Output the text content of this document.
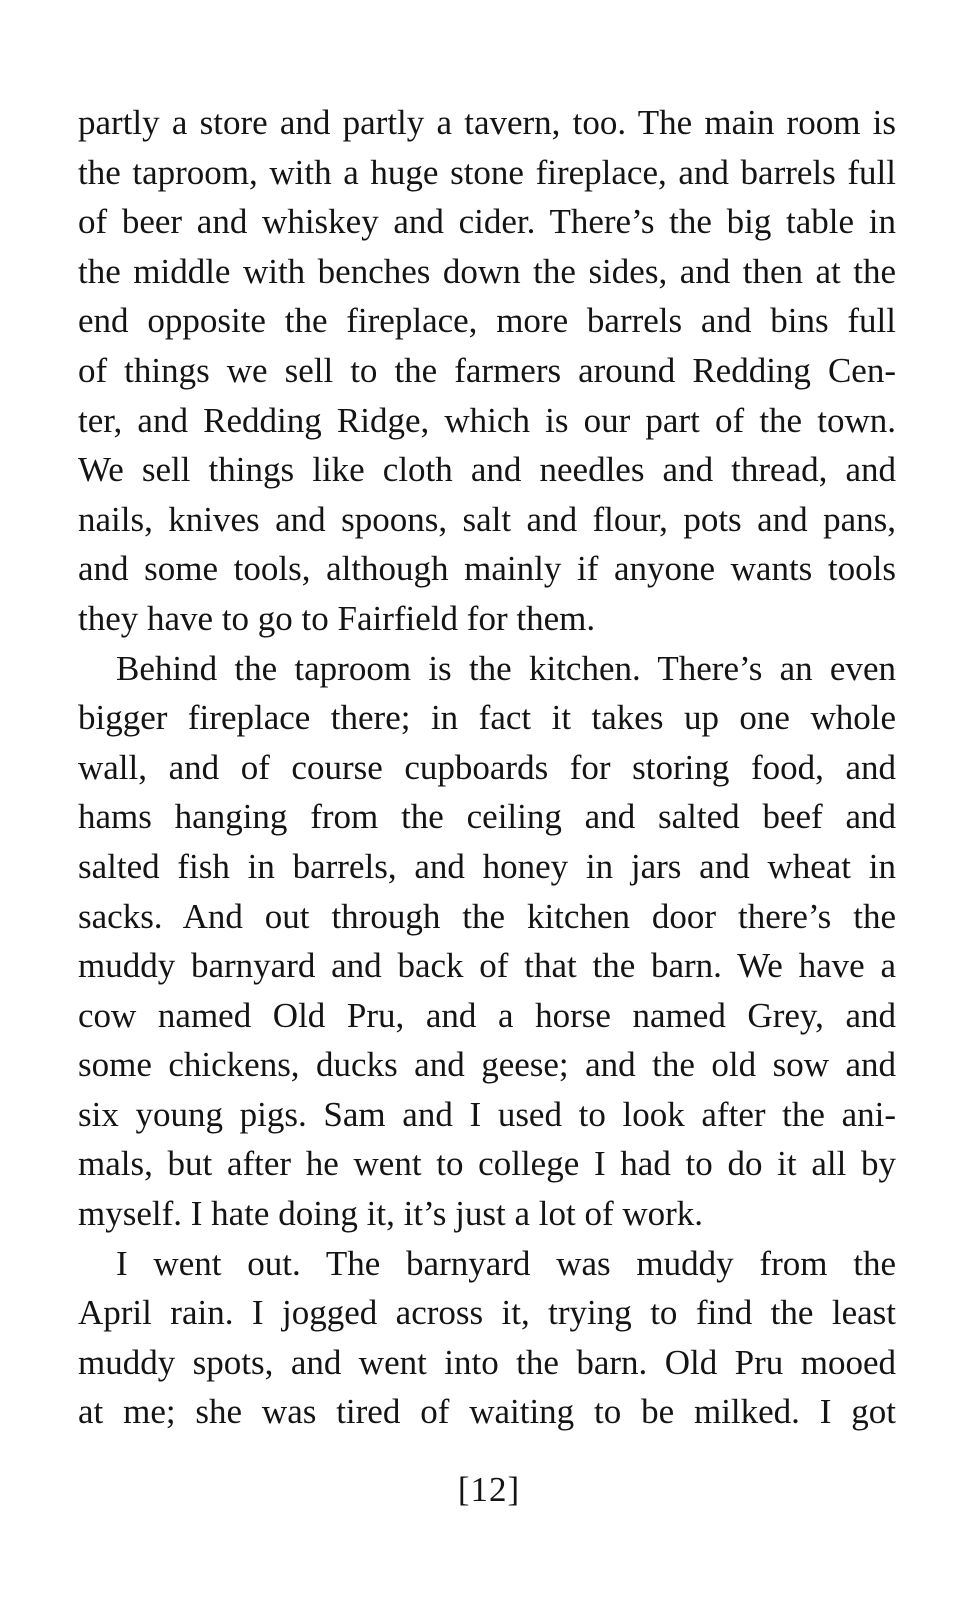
partly a store and partly a tavern, too. The main room is
the taproom, with a huge stone fireplace, and barrels full
of beer and whiskey and cider. There’s the big table in
the middle with benches down the sides, and then at the
end opposite the fireplace, more barrels and bins full
of things we sell to the farmers around Redding Cen-
ter, and Redding Ridge, which is our part of the town.
We sell things like cloth and needles and thread, and
nails, knives and spoons, salt and flour, pots and pans,
and some tools, although mainly if anyone wants tools
they have to go to Fairfield for them.
Behind the taproom is the kitchen. There’s an even
bigger fireplace there; in fact it takes up one whole
wall, and of course cupboards for storing food, and
hams hanging from the ceiling and salted beef and
salted fish in barrels, and honey in jars and wheat in
sacks. And out through the kitchen door there’s the
muddy barnyard and back of that the barn. We have a
cow named Old Pru, and a horse named Grey, and
some chickens, ducks and geese; and the old sow and
six young pigs. Sam and I used to look after the ani-
mals, but after he went to college I had to do it all by
myself. I hate doing it, it’s just a lot of work.
I went out. The barnyard was muddy from the
April rain. I jogged across it, trying to find the least
muddy spots, and went into the barn. Old Pru mooed
at me; she was tired of waiting to be milked. I got
[12]
